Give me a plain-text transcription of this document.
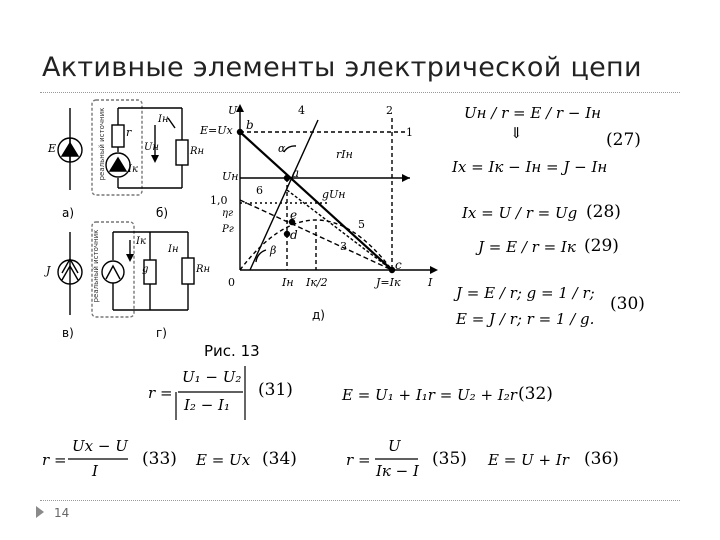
Активные элементы электрической цепи
реальный источник
реальный источник
E
r
Iн
Uн	Rн
Iк
J
Iк
g
Iн
Rн
а)	б)
в)	г)
д)
U
I
0
E=Uх
Uн
1,0
ηг
Pг
b
a
e
d
c
α
β
1
2
3
4
5
6
rIн
gUн
Iн Iк/2	J=Iк
Рис. 13
Uн / r = E / r − Iн
⇓	(27)
Iх = Iк − Iн = J − Iн
Iх = U / r = Ug (28)
J = E / r = Iк (29)
J = E / r; g = 1 / r;
E = J / r; r = 1 / g.
(30)
r =
U₁ − U₂
I₂ − I₁
(31)	E = U₁ + I₁r = U₂ + I₂r (32)
r =
Uх − U
I
(33) E = Uх (34)	r =
U
Iк − I
(35) E = U + Ir (36)
14
